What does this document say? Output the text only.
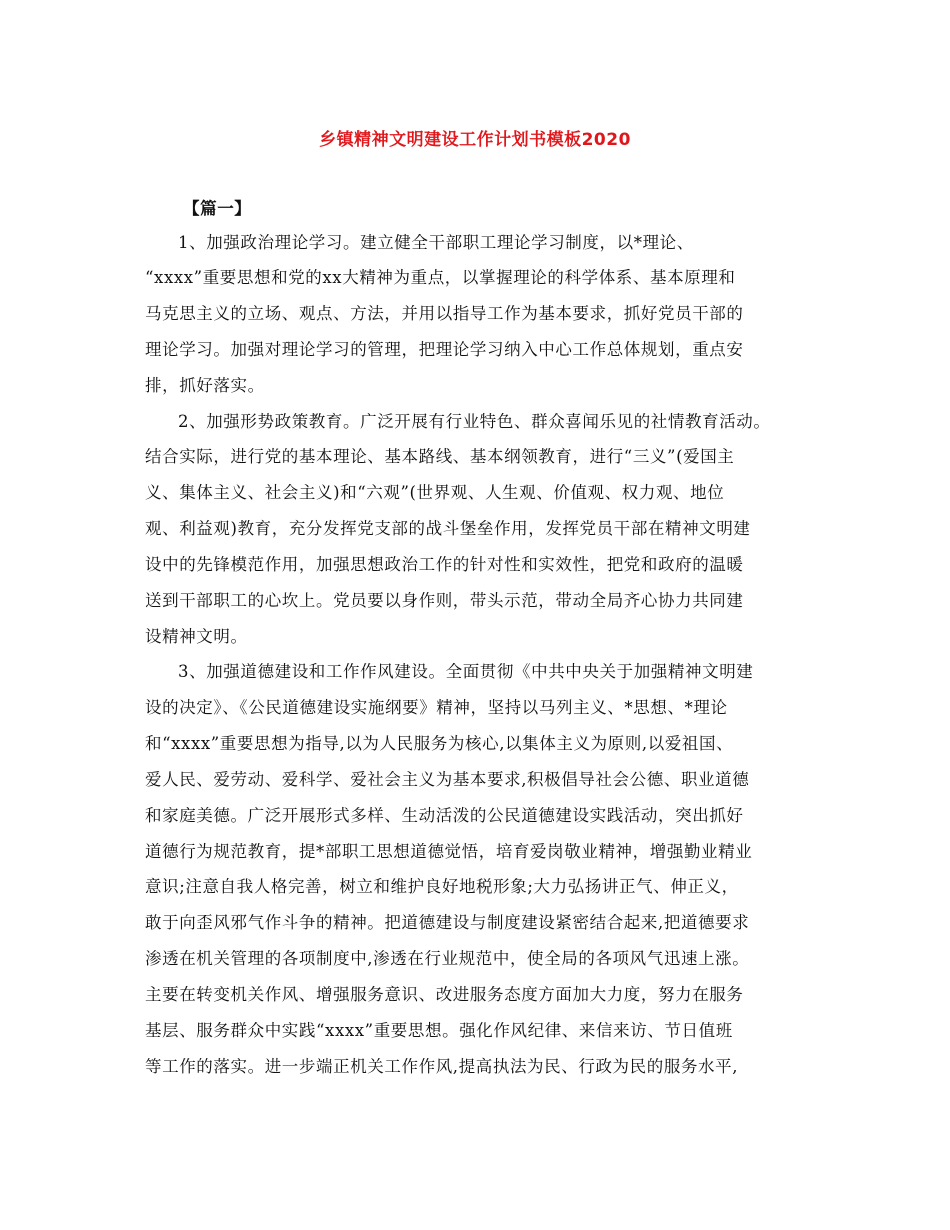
乡镇精神文明建设工作计划书模板2020
【篇一】
1、加强政治理论学习。建立健全干部职工理论学习制度，以*理论、
“xxxx”重要思想和党的xx大精神为重点，以掌握理论的科学体系、基本原理和
马克思主义的立场、观点、方法，并用以指导工作为基本要求，抓好党员干部的
理论学习。加强对理论学习的管理，把理论学习纳入中心工作总体规划，重点安
排，抓好落实。
2、加强形势政策教育。广泛开展有行业特色、群众喜闻乐见的社情教育活动。
结合实际，进行党的基本理论、基本路线、基本纲领教育，进行“三义”(爱国主
义、集体主义、社会主义)和“六观”(世界观、人生观、价值观、权力观、地位
观、利益观)教育，充分发挥党支部的战斗堡垒作用，发挥党员干部在精神文明建
设中的先锋模范作用，加强思想政治工作的针对性和实效性，把党和政府的温暖
送到干部职工的心坎上。党员要以身作则，带头示范，带动全局齐心协力共同建
设精神文明。
3、加强道德建设和工作作风建设。全面贯彻《中共中央关于加强精神文明建
设的决定》、《公民道德建设实施纲要》精神，坚持以马列主义、*思想、*理论
和“xxxx”重要思想为指导,以为人民服务为核心,以集体主义为原则,以爱祖国、
爱人民、爱劳动、爱科学、爱社会主义为基本要求,积极倡导社会公德、职业道德
和家庭美德。广泛开展形式多样、生动活泼的公民道德建设实践活动，突出抓好
道德行为规范教育，提*部职工思想道德觉悟，培育爱岗敬业精神，增强勤业精业
意识;注意自我人格完善，树立和维护良好地税形象;大力弘扬讲正气、伸正义，
敢于向歪风邪气作斗争的精神。把道德建设与制度建设紧密结合起来,把道德要求
渗透在机关管理的各项制度中,渗透在行业规范中，使全局的各项风气迅速上涨。
主要在转变机关作风、增强服务意识、改进服务态度方面加大力度，努力在服务
基层、服务群众中实践“xxxx”重要思想。强化作风纪律、来信来访、节日值班
等工作的落实。进一步端正机关工作作风,提高执法为民、行政为民的服务水平,
